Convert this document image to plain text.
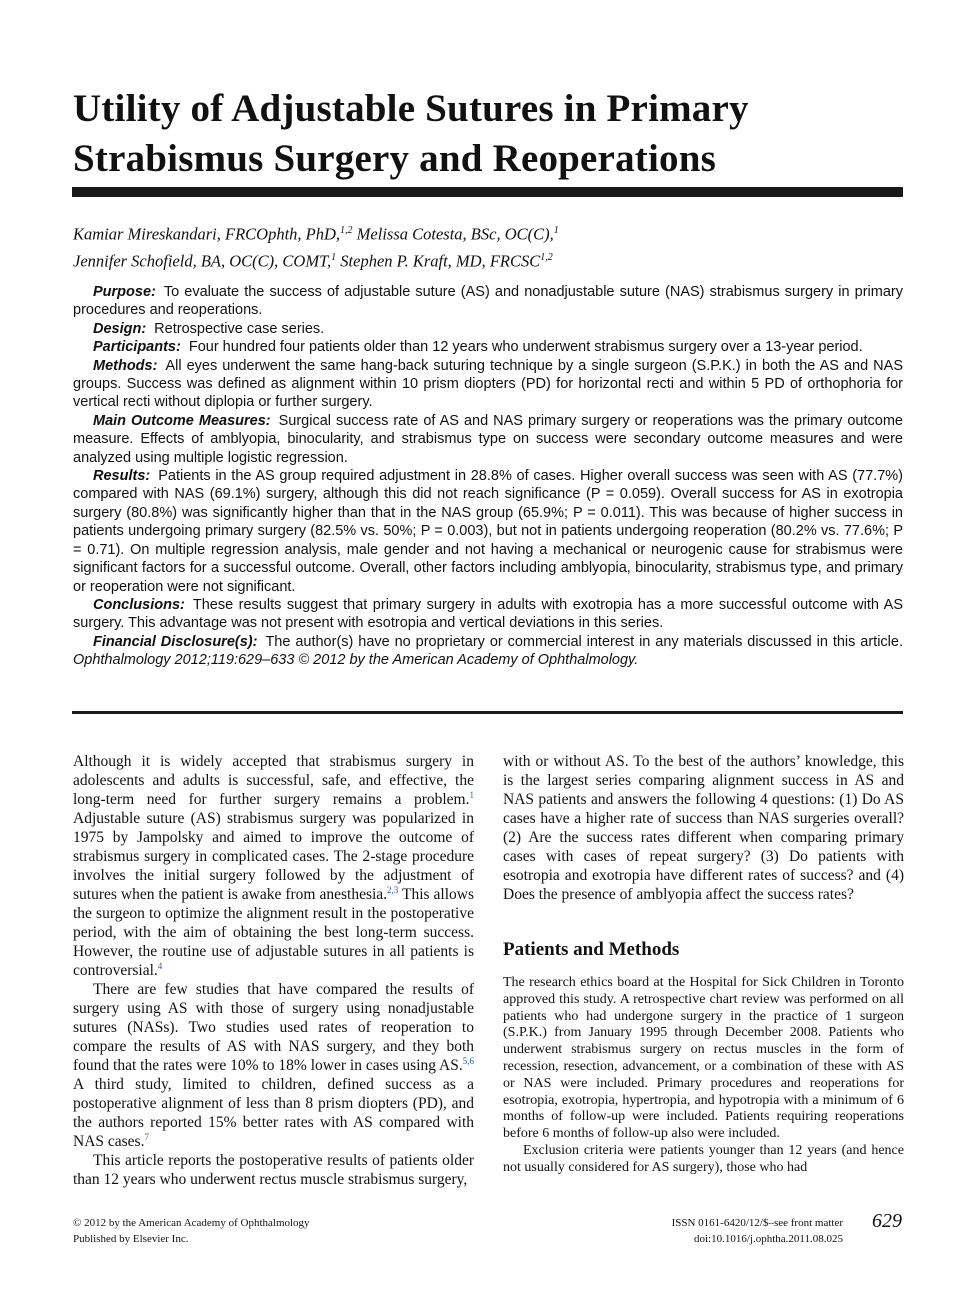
Utility of Adjustable Sutures in Primary
Strabismus Surgery and Reoperations
Kamiar Mireskandari, FRCOphth, PhD,$^{1,2}$ Melissa Cotesta, BSc, OC(C),$^1$
Jennifer Schofield, BA, OC(C), COMT,$^1$ Stephen P. Kraft, MD, FRCSC$^{1,2}$

Purpose: To evaluate the success of adjustable suture (AS) and nonadjustable suture (NAS) strabismus surgery in primary procedures and reoperations.

Design: Retrospective case series.

Participants: Four hundred four patients older than 12 years who underwent strabismus surgery over a 13-year period.

Methods: All eyes underwent the same hang-back suturing technique by a single surgeon (S.P.K.) in both the AS and NAS groups. Success was defined as alignment within 10 prism diopters (PD) for horizontal recti and within 5 PD of orthophoria for vertical recti without diplopia or further surgery.

Main Outcome Measures: Surgical success rate of AS and NAS primary surgery or reoperations was the primary outcome measure. Effects of amblyopia, binocularity, and strabismus type on success were secondary outcome measures and were analyzed using multiple logistic regression.

Results: Patients in the AS group required adjustment in 28.8% of cases. Higher overall success was seen with AS (77.7%) compared with NAS (69.1%) surgery, although this did not reach significance (P = 0.059). Overall success for AS in exotropia surgery (80.8%) was significantly higher than that in the NAS group (65.9%; P = 0.011). This was because of higher success in patients undergoing primary surgery (82.5% vs. 50%; P = 0.003), but not in patients undergoing reoperation (80.2% vs. 77.6%; P = 0.71). On multiple regression analysis, male gender and not having a mechanical or neurogenic cause for strabismus were significant factors for a successful outcome. Overall, other factors including amblyopia, binocularity, strabismus type, and primary or reoperation were not significant.

Conclusions: These results suggest that primary surgery in adults with exotropia has a more successful outcome with AS surgery. This advantage was not present with esotropia and vertical deviations in this series.

Financial Disclosure(s): The author(s) have no proprietary or commercial interest in any materials discussed in this article. Ophthalmology 2012;119:629–633 © 2012 by the American Academy of Ophthalmology.

Although it is widely accepted that strabismus surgery in adolescents and adults is successful, safe, and effective, the long-term need for further surgery remains a problem.$^1$ Adjustable suture (AS) strabismus surgery was popularized in 1975 by Jampolsky and aimed to improve the outcome of strabismus surgery in complicated cases. The 2-stage procedure involves the initial surgery followed by the adjustment of sutures when the patient is awake from anesthesia.$^{2,3}$ This allows the surgeon to optimize the alignment result in the postoperative period, with the aim of obtaining the best long-term success. However, the routine use of adjustable sutures in all patients is controversial.$^4$

There are few studies that have compared the results of surgery using AS with those of surgery using nonadjustable sutures (NASs). Two studies used rates of reoperation to compare the results of AS with NAS surgery, and they both found that the rates were 10% to 18% lower in cases using AS.$^{5,6}$ A third study, limited to children, defined success as a postoperative alignment of less than 8 prism diopters (PD), and the authors reported 15% better rates with AS compared with NAS cases.$^7$

This article reports the postoperative results of patients older than 12 years who underwent rectus muscle strabismus surgery,

with or without AS. To the best of the authors’ knowledge, this is the largest series comparing alignment success in AS and NAS patients and answers the following 4 questions: (1) Do AS cases have a higher rate of success than NAS surgeries overall? (2) Are the success rates different when comparing primary cases with cases of repeat surgery? (3) Do patients with esotropia and exotropia have different rates of success? and (4) Does the presence of amblyopia affect the success rates?
Patients and Methods

The research ethics board at the Hospital for Sick Children in Toronto approved this study. A retrospective chart review was performed on all patients who had undergone surgery in the practice of 1 surgeon (S.P.K.) from January 1995 through December 2008. Patients who underwent strabismus surgery on rectus muscles in the form of recession, resection, advancement, or a combination of these with AS or NAS were included. Primary procedures and reoperations for esotropia, exotropia, hypertropia, and hypotropia with a minimum of 6 months of follow-up were included. Patients requiring reoperations before 6 months of follow-up also were included.

Exclusion criteria were patients younger than 12 years (and hence not usually considered for AS surgery), those who had

© 2012 by the American Academy of Ophthalmology
Published by Elsevier Inc.
ISSN 0161-6420/12/$–see front matter
doi:10.1016/j.ophtha.2011.08.025
629
